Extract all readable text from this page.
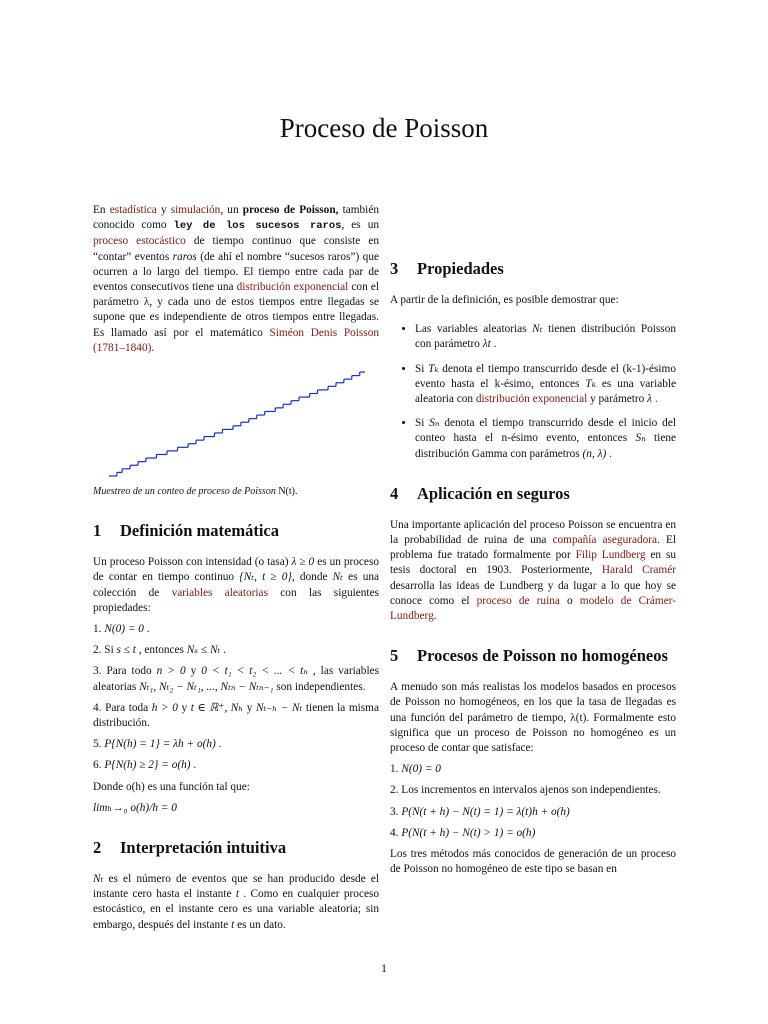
Proceso de Poisson

En estadística y simulación, un proceso de Poisson, también conocido como ley de los sucesos raros, es un proceso estocástico de tiempo continuo que consiste en “contar” eventos raros (de ahí el nombre “sucesos raros”) que ocurren a lo largo del tiempo. El tiempo entre cada par de eventos consecutivos tiene una distribución exponencial con el parámetro λ, y cada uno de estos tiempos entre llegadas se supone que es independiente de otros tiempos entre llegadas. Es llamado así por el matemático Siméon Denis Poisson (1781–1840).

Muestreo de un conteo de proceso de Poisson N(t).
1	Definición matemática

Un proceso Poisson con intensidad (o tasa) λ ≥ 0 es un proceso de contar en tiempo continuo {Nₜ, t ≥ 0}, donde Nₜ es una colección de variables aleatorias con las siguientes propiedades:

1. N(0) = 0 .

2. Si s ≤ t , entonces Nₛ ≤ Nₜ .

3. Para todo n > 0 y 0 < t₁ < t₂ < ... < tₙ , las variables aleatorias Nₜ₁, Nₜ₂ − Nₜ₁, ..., Nₜₙ − Nₜₙ₋₁ son independientes.

4. Para toda h > 0 y t ∈ ℝ⁺, Nₕ y Nₜ₋ₕ − Nₜ tienen la misma distribución.

5. P{N(h) = 1} = λh + o(h) .

6. P{N(h) ≥ 2} = o(h) .

Donde o(h) es una función tal que:

limₕ→₀ o(h)/h = 0

2	Interpretación intuitiva

Nₜ es el número de eventos que se han producido desde el instante cero hasta el instante t . Como en cualquier proceso estocástico, en el instante cero es una variable aleatoria; sin embargo, después del instante t es un dato.

3	Propiedades

A partir de la definición, es posible demostrar que:

• Las variables aleatorias Nₜ tienen distribución Poisson con parámetro λt .
• Si Tₖ denota el tiempo transcurrido desde el (k-1)-ésimo evento hasta el k-ésimo, entonces Tₖ es una variable aleatoria con distribución exponencial y parámetro λ .
• Si Sₙ denota el tiempo transcurrido desde el inicio del conteo hasta el n-ésimo evento, entonces Sₙ tiene distribución Gamma con parámetros (n, λ) .
4	Aplicación en seguros

Una importante aplicación del proceso Poisson se encuentra en la probabilidad de ruina de una compañía aseguradora. El problema fue tratado formalmente por Filip Lundberg en su tesis doctoral en 1903. Posteriormente, Harald Cramér desarrolla las ideas de Lundberg y da lugar a lo que hoy se conoce como el proceso de ruina o modelo de Crámer-Lundberg.

5	Procesos de Poisson no homogéneos

A menudo son más realistas los modelos basados en procesos de Poisson no homogéneos, en los que la tasa de llegadas es una función del parámetro de tiempo, λ(t). Formalmente esto significa que un proceso de Poisson no homogéneo es un proceso de contar que satisface:

1. N(0) = 0

2. Los incrementos en intervalos ajenos son independientes.

3. P(N(t + h) − N(t) = 1) = λ(t)h + o(h)

4. P(N(t + h) − N(t) > 1) = o(h)

Los tres métodos más conocidos de generación de un proceso de Poisson no homogéneo de este tipo se basan en

1
